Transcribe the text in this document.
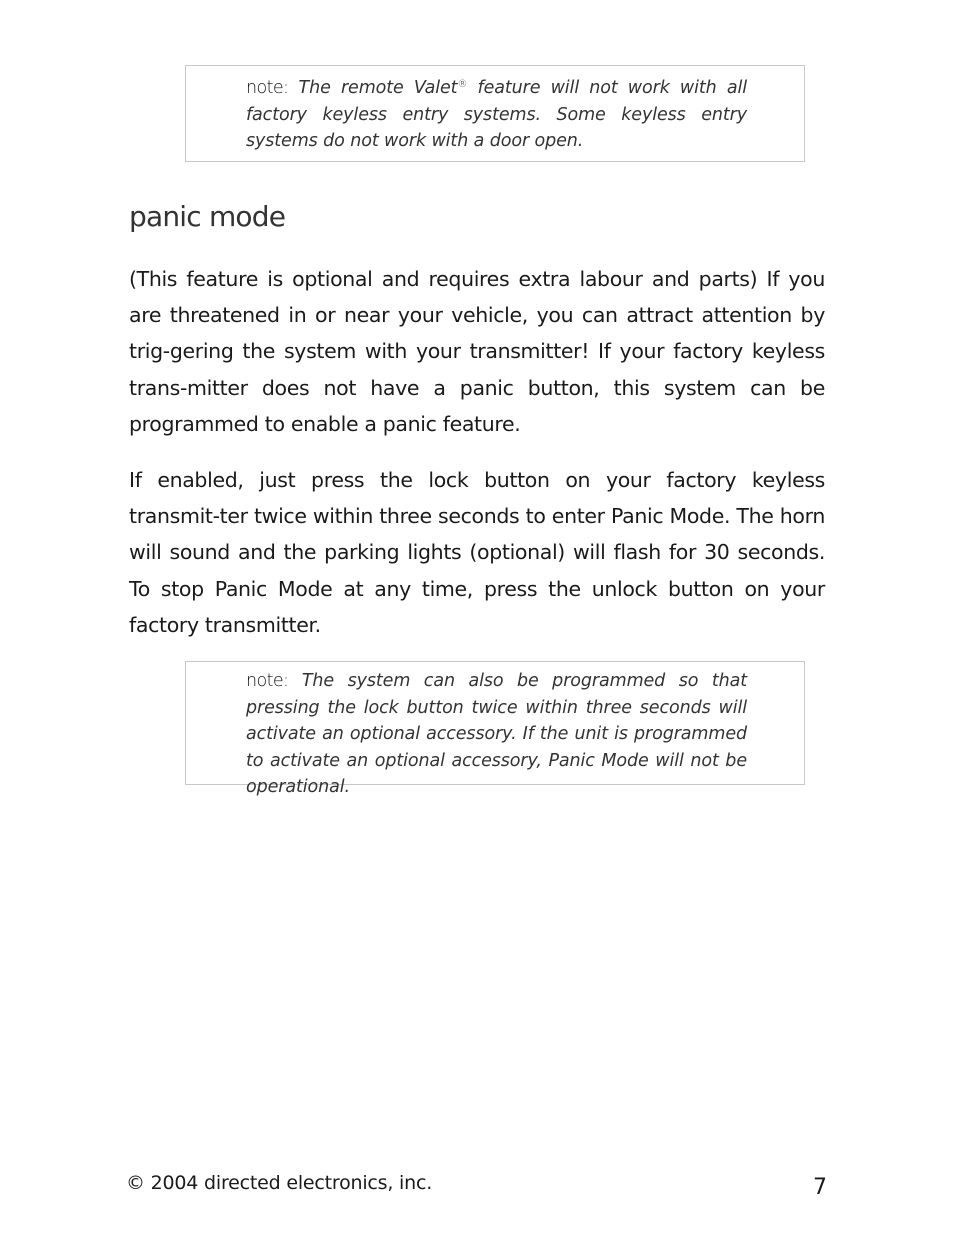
note: The remote Valet® feature will not work with all factory keyless entry systems. Some keyless entry systems do not work with a door open.
panic mode

(This feature is optional and requires extra labour and parts) If you are threatened in or near your vehicle, you can attract attention by trig-gering the system with your transmitter! If your factory keyless trans-mitter does not have a panic button, this system can be programmed to enable a panic feature.

If enabled, just press the lock button on your factory keyless transmit-ter twice within three seconds to enter Panic Mode. The horn will sound and the parking lights (optional) will flash for 30 seconds. To stop Panic Mode at any time, press the unlock button on your factory transmitter.

note: The system can also be programmed so that pressing the lock button twice within three seconds will activate an optional accessory. If the unit is programmed to activate an optional accessory, Panic Mode will not be operational.
© 2004 directed electronics, inc.	7
